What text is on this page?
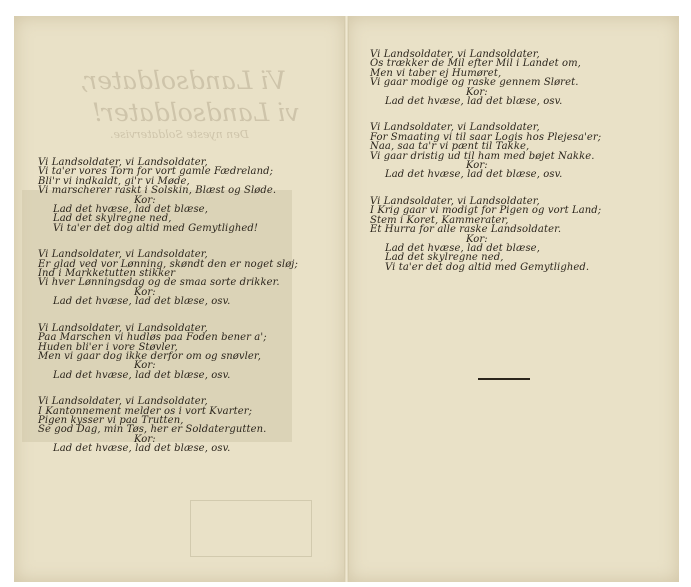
Vi Landsoldater,
vi Landsoldater!
Den nyeste Soldatervise.
Vi Landsoldater, vi Landsoldater,
Vi ta'er vores Torn for vort gamle Fædreland;
Bli'r vi indkaldt, gi'r vi Møde,
Vi marscherer raskt i Solskin, Blæst og Sløde.
Kor:
Lad det hvæse, lad det blæse,
Lad det skylregne ned,
Vi ta'er det dog altid med Gemytlighed!
Vi Landsoldater, vi Landsoldater,
Er glad ved vor Lønning, skøndt den er noget sløj;
Ind i Markketutten stikker
Vi hver Lønningsdag og de smaa sorte drikker.
Kor:
Lad det hvæse, lad det blæse, osv.
Vi Landsoldater, vi Landsoldater,
Paa Marschen vi hudløs paa Foden bener a';
Huden bli'er i vore Støvler,
Men vi gaar dog ikke derfor om og snøvler,
Kor:
Lad det hvæse, lad det blæse, osv.
Vi Landsoldater, vi Landsoldater,
I Kantonnement melder os i vort Kvarter;
Pigen kysser vi paa Trutten,
Se god Dag, min Tøs, her er Soldatergutten.
Kor:
Lad det hvæse, lad det blæse, osv.
Vi Landsoldater, vi Landsoldater,
Os trækker de Mil efter Mil i Landet om,
Men vi taber ej Humøret,
Vi gaar modige og raske gennem Sløret.
Kor:
Lad det hvæse, lad det blæse, osv.
Vi Landsoldater, vi Landsoldater,
For Smaating vi til saar Logis hos Plejesa'er;
Naa, saa ta'r vi pænt til Takke,
Vi gaar dristig ud til ham med bøjet Nakke.
Kor:
Lad det hvæse, lad det blæse, osv.
Vi Landsoldater, vi Landsoldater,
I Krig gaar vi modigt for Pigen og vort Land;
Stem i Koret, Kammerater,
Et Hurra for alle raske Landsoldater.
Kor:
Lad det hvæse, lad det blæse,
Lad det skylregne ned,
Vi ta'er det dog altid med Gemytlighed.
